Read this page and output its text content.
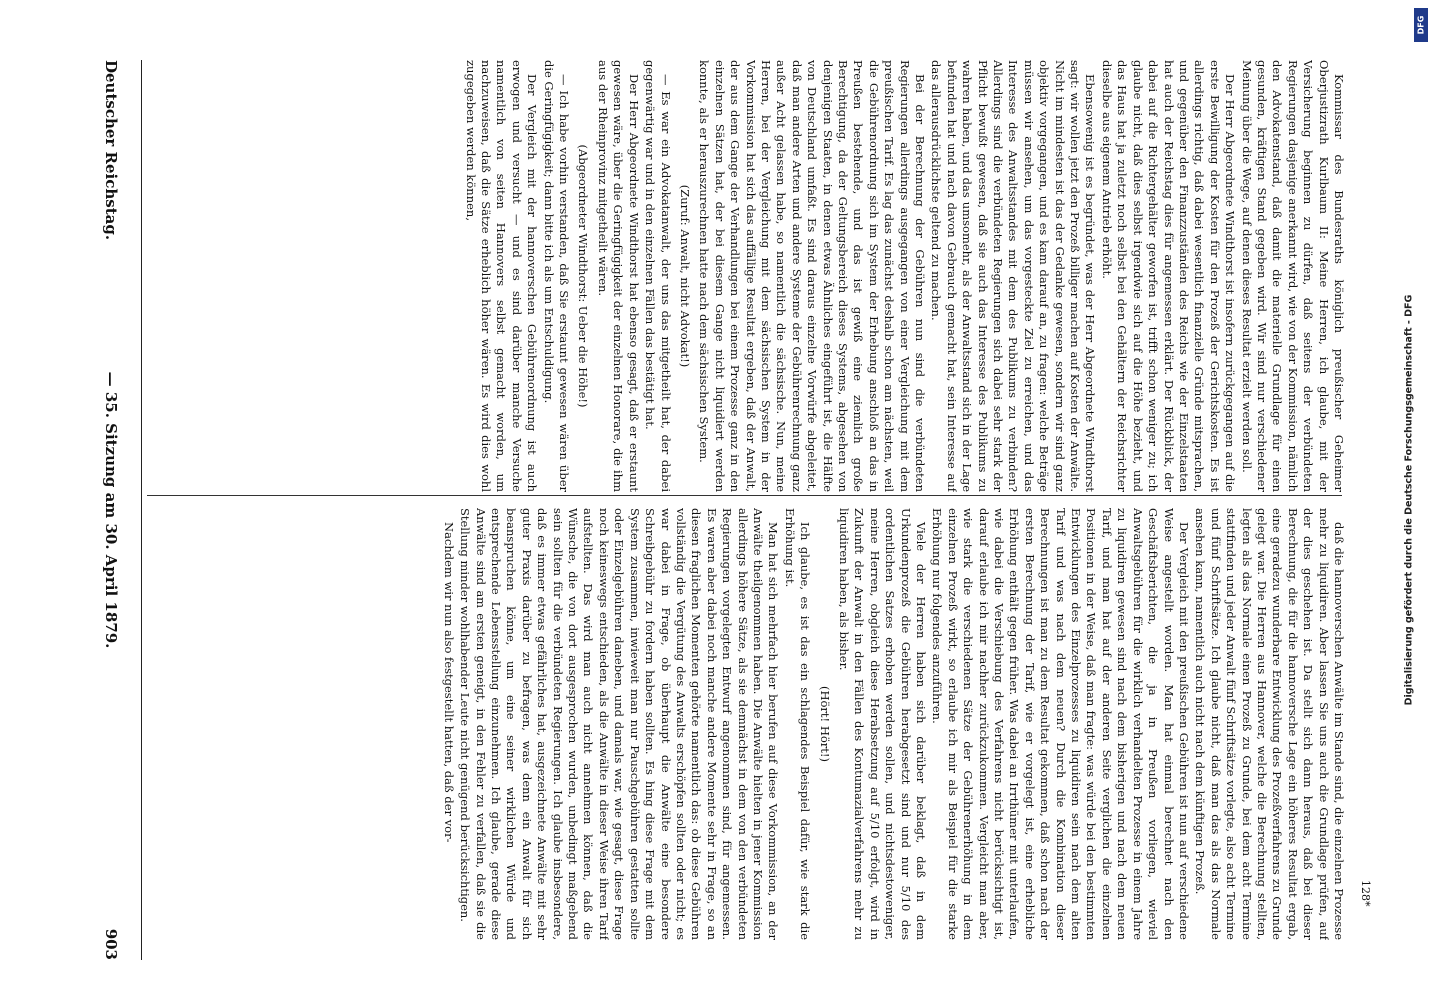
Deutscher Reichstag.
— 35. Sitzung am 30. April 1879.
903

Kommissar des Bundesraths königlich preußischer Geheimer Oberjustizrath Kurlbaum II: Meine Herren, ich glaube, mit der Versicherung beginnen zu dürfen, daß seitens der verbündeten Regierungen dasjenige anerkannt wird, wie von der Kommission, nämlich den Advokatenstand, daß damit die materielle Grundlage für einen gesunden, kräftigen Stand gegeben wird. Wir sind nur verschiedener Meinung über die Wege, auf denen dieses Resultat erzielt werden soll.

Der Herr Abgeordnete Windthorst ist insofern zurückgegangen auf die erste Bewilligung der Kosten für den Prozeß der Gerichtskosten. Es ist allerdings richtig, daß dabei wesentlich finanzielle Gründe mitsprachen, und gegenüber den Finanzzuständen des Reichs wie der Einzelstaaten hat auch der Reichstag dies für angemessen erklärt. Der Rückblick, der dabei auf die Richtergehälter geworfen ist, trifft schon weniger zu; ich glaube nicht, daß dies selbst irgendwie sich auf die Höhe bezieht, und das Haus hat ja zuletzt noch selbst bei den Gehältern der Reichsrichter dieselbe aus eigenem Antrieb erhöht.

Ebensowenig ist es begründet, was der Herr Abgeordnete Windthorst sagt: wir wollen jetzt den Prozeß billiger machen auf Kosten der Anwälte. Nicht im mindesten ist das der Gedanke gewesen, sondern wir sind ganz objektiv vorgegangen, und es kam darauf an, zu fragen: welche Beträge müssen wir ansehen, um das vorgesteckte Ziel zu erreichen, und das Interesse des Anwaltsstandes mit dem des Publikums zu verbinden? Allerdings sind die verbündeten Regierungen sich dabei sehr stark der Pflicht bewußt gewesen, daß sie auch das Interesse des Publikums zu wahren haben, und das umsomehr, als der Anwaltsstand sich in der Lage befunden hat und nach davon Gebrauch gemacht hat, sein Interesse auf das allerausdrücklichste geltend zu machen.

Bei der Berechnung der Gebühren nun sind die verbündeten Regierungen allerdings ausgegangen von einer Vergleichung mit dem preußischen Tarif. Es lag das zunächst deshalb schon am nächsten, weil die Gebührenordnung sich im System der Erhebung anschloß an das in Preußen bestehende, und das ist gewiß eine ziemlich große Berechtigung, da der Geltungsbereich dieses Systems, abgesehen von denjenigen Staaten, in denen etwas Ähnliches eingeführt ist, die Hälfte von Deutschland umfaßt. Es sind daraus einzelne Vorwürfe abgeleitet, daß man andere Arten und andere Systeme der Gebührenrechnung ganz außer Acht gelassen habe, so namentlich die sächsische. Nun, meine Herren, bei der Vergleichung mit dem sächsischen System in der Vorkommission hat sich das auffällige Resultat ergeben, daß der Anwalt, der aus dem Gange der Verhandlungen bei einem Prozesse ganz in den einzelnen Sätzen hat, der bei diesem Gange nicht liquidiert werden konnte, als er herauszurechnen hatte nach dem sächsischen System.

(Zuruf: Anwalt, nicht Advokat!)

— Es war ein Advokatanwalt, der uns das mitgetheilt hat, der dabei gegenwärtig war und in den einzelnen Fällen das bestätigt hat.

Der Herr Abgeordnete Windthorst hat ebenso gesagt, daß er erstaunt gewesen wäre, über die Geringfügigkeit der einzelnen Honorare, die ihm aus der Rheinprovinz mitgetheilt wären.

(Abgeordneter Windthorst: Ueber die Höhe!)

— Ich habe vorhin verstanden, daß Sie erstaunt gewesen wären über die Geringfügigkeit; dann bitte ich als um Entschuldigung.

Der Vergleich mit der hannoverschen Gebührenordnung ist auch erwogen und versucht — und es sind darüber manche Versuche namentlich von seiten Hannovers selbst gemacht worden, um nachzuweisen, daß die Sätze erheblich höher wären. Es wird dies wohl zugegeben werden können,

daß die hannoverschen Anwälte im Stande sind, die einzelnen Prozesse mehr zu liquidiren. Aber lassen Sie uns auch die Grundlage prüfen, auf der dies geschehen ist. Da stellt sich dann heraus, daß bei dieser Berechnung, die für die hannoversche Lage ein höheres Resultat ergab, eine geradezu wunderbare Entwicklung des Prozeßverfahrens zu Grunde gelegt war. Die Herren aus Hannover, welche die Berechnung stellten, legten als das Normale einen Prozeß zu Grunde, bei dem acht Termine stattfinden und jeder Anwalt fünf Schriftsätze vorlegte, also acht Termine und fünf Schriftsätze. Ich glaube nicht, daß man das als das Normale ansehen kann, namentlich auch nicht nach dem künftigen Prozeß.

Der Vergleich mit den preußischen Gebühren ist nun auf verschiedene Weise angestellt worden. Man hat einmal berechnet nach den Geschäftsberichten, die ja in Preußen vorliegen, wieviel Anwaltsgebühren für die wirklich verhandelten Prozesse in einem Jahre zu liquidiren gewesen sind nach dem bisherigen und nach dem neuen Tarif, und man hat auf der anderen Seite verglichen die einzelnen Positionen in der Weise, daß man fragte: was würde bei den bestimmten Entwicklungen des Einzelprozesses zu liquidiren sein nach dem alten Tarif und was nach dem neuen? Durch die Kombination dieser Berechnungen ist man zu dem Resultat gekommen, daß schon nach der ersten Berechnung der Tarif, wie er vorgelegt ist, eine erhebliche Erhöhung enthält gegen früher. Was dabei an Irrthümer mit unterlaufen, wie dabei die Verschiebung des Verfahrens nicht berücksichtigt ist, darauf erlaube ich mir nachher zurückzukommen. Vergleicht man aber, wie stark die verschiedenen Sätze der Gebührenerhöhung in dem einzelnen Prozeß wirkt, so erlaube ich mir als Beispiel für die starke Erhöhung nur folgendes anzuführen.

Viele der Herren haben sich darüber beklagt, daß in dem Urkundenprozeß die Gebühren herabgesetzt sind und nur 5/10 des ordentlichen Satzes erhoben werden sollen, und nichtsdestoweniger, meine Herren, obgleich diese Herabsetzung auf 5/10 erfolgt, wird in Zukunft der Anwalt in den Fällen des Kontumazialverfahrens mehr zu liquidiren haben, als bisher.

(Hört! Hört!)

Ich glaube, es ist das ein schlagendes Beispiel dafür, wie stark die Erhöhung ist.

Man hat sich mehrfach hier berufen auf diese Vorkommission, an der Anwälte theilgenommen haben. Die Anwälte hielten in jener Kommission allerdings höhere Sätze, als sie demnächst in dem von den verbündeten Regierungen vorgelegten Entwurf angenommen sind, für angemessen. Es waren aber dabei noch manche andere Momente sehr in Frage, so an diesen fraglichen Momenten gehörte namentlich das: ob diese Gebühren vollständig die Vergütung des Anwalts erschöpfen sollten oder nicht; es war dabei in Frage, ob überhaupt die Anwälte eine besondere Schreibgebühr zu fordern haben sollten. Es hing diese Frage mit dem System zusammen, inwieweit man nur Pauschgebühren gestatten sollte oder Einzelgebühren daneben, und damals war, wie gesagt, diese Frage noch keineswegs entschieden, als die Anwälte in dieser Weise ihren Tarif aufstellten. Das wird man auch nicht annehmen können, daß die Wünsche, die von dort ausgesprochen wurden, unbedingt maßgebend sein sollten für die verbündeten Regierungen. Ich glaube insbesondere, daß es immer etwas gefährliches hat, ausgezeichnete Anwälte mit sehr guter Praxis darüber zu befragen, was denn ein Anwalt für sich beanspruchen könne, um eine seiner wirklichen Würde und entsprechende Lebensstellung einzunehmen. Ich glaube, gerade diese Anwälte sind am ersten geneigt, in den Fehler zu verfallen, daß sie die Stellung minder wohlhabender Leute nicht genügend berücksichtigen.

Nachdem wir nun also festgestellt hatten, daß der vor-

128*
Digitalisierung gefördert durch die Deutsche Forschungsgemeinschaft - DFG
DFG
